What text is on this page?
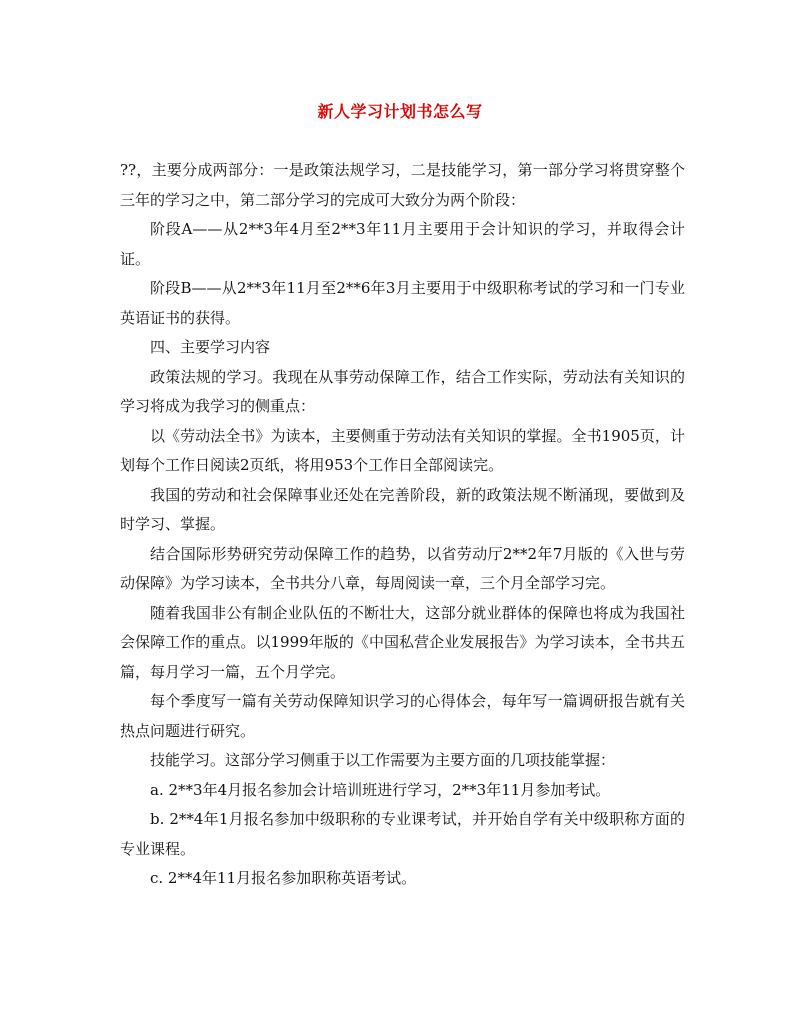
新人学习计划书怎么写

??，主要分成两部分：一是政策法规学习，二是技能学习，第一部分学习将贯穿整个三年的学习之中，第二部分学习的完成可大致分为两个阶段：

阶段A——从2**3年4月至2**3年11月主要用于会计知识的学习，并取得会计证。

阶段B——从2**3年11月至2**6年3月主要用于中级职称考试的学习和一门专业英语证书的获得。

四、主要学习内容

政策法规的学习。我现在从事劳动保障工作，结合工作实际，劳动法有关知识的学习将成为我学习的侧重点：

以《劳动法全书》为读本，主要侧重于劳动法有关知识的掌握。全书1905页，计划每个工作日阅读2页纸，将用953个工作日全部阅读完。

我国的劳动和社会保障事业还处在完善阶段，新的政策法规不断涌现，要做到及时学习、掌握。

结合国际形势研究劳动保障工作的趋势，以省劳动厅2**2年7月版的《入世与劳动保障》为学习读本，全书共分八章，每周阅读一章，三个月全部学习完。

随着我国非公有制企业队伍的不断壮大，这部分就业群体的保障也将成为我国社会保障工作的重点。以1999年版的《中国私营企业发展报告》为学习读本，全书共五篇，每月学习一篇，五个月学完。

每个季度写一篇有关劳动保障知识学习的心得体会，每年写一篇调研报告就有关热点问题进行研究。

技能学习。这部分学习侧重于以工作需要为主要方面的几项技能掌握：

a. 2**3年4月报名参加会计培训班进行学习，2**3年11月参加考试。

b. 2**4年1月报名参加中级职称的专业课考试，并开始自学有关中级职称方面的专业课程。

c. 2**4年11月报名参加职称英语考试。
